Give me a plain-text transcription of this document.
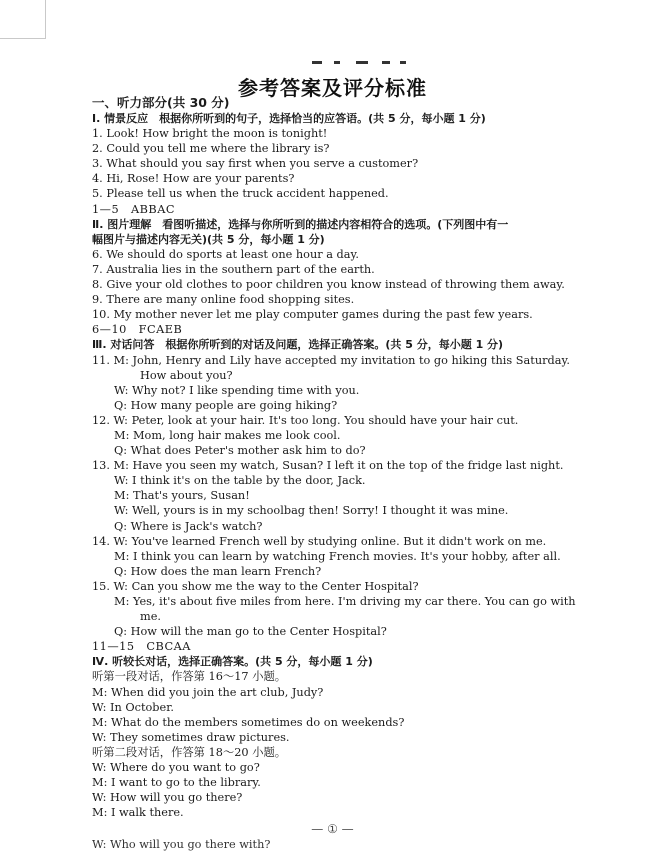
参考答案及评分标准
一、听力部分(共 30 分)
Ⅰ. 情景反应　根据你所听到的句子，选择恰当的应答语。(共 5 分，每小题 1 分)
1. Look! How bright the moon is tonight!
2. Could you tell me where the library is?
3. What should you say first when you serve a customer?
4. Hi, Rose! How are your parents?
5. Please tell us when the truck accident happened.
1—5　ABBAC
Ⅱ. 图片理解　看图听描述，选择与你所听到的描述内容相符合的选项。(下列图中有一
幅图片与描述内容无关)(共 5 分，每小题 1 分)
6. We should do sports at least one hour a day.
7. Australia lies in the southern part of the earth.
8. Give your old clothes to poor children you know instead of throwing them away.
9. There are many online food shopping sites.
10. My mother never let me play computer games during the past few years.
6—10　FCAEB
Ⅲ. 对话问答　根据你所听到的对话及问题，选择正确答案。(共 5 分，每小题 1 分)
11. M: John, Henry and Lily have accepted my invitation to go hiking this Saturday.
How about you?
W: Why not? I like spending time with you.
Q: How many people are going hiking?
12. W: Peter, look at your hair. It's too long. You should have your hair cut.
M: Mom, long hair makes me look cool.
Q: What does Peter's mother ask him to do?
13. M: Have you seen my watch, Susan? I left it on the top of the fridge last night.
W: I think it's on the table by the door, Jack.
M: That's yours, Susan!
W: Well, yours is in my schoolbag then! Sorry! I thought it was mine.
Q: Where is Jack's watch?
14. W: You've learned French well by studying online. But it didn't work on me.
M: I think you can learn by watching French movies. It's your hobby, after all.
Q: How does the man learn French?
15. W: Can you show me the way to the Center Hospital?
M: Yes, it's about five miles from here. I'm driving my car there. You can go with
me.
Q: How will the man go to the Center Hospital?
11—15　CBCAA
Ⅳ. 听较长对话，选择正确答案。(共 5 分，每小题 1 分)
听第一段对话，作答第 16～17 小题。
M: When did you join the art club, Judy?
W: In October.
M: What do the members sometimes do on weekends?
W: They sometimes draw pictures.
听第二段对话，作答第 18～20 小题。
W: Where do you want to go?
M: I want to go to the library.
W: How will you go there?
M: I walk there.
— ① —
W: Who will you go there with?
